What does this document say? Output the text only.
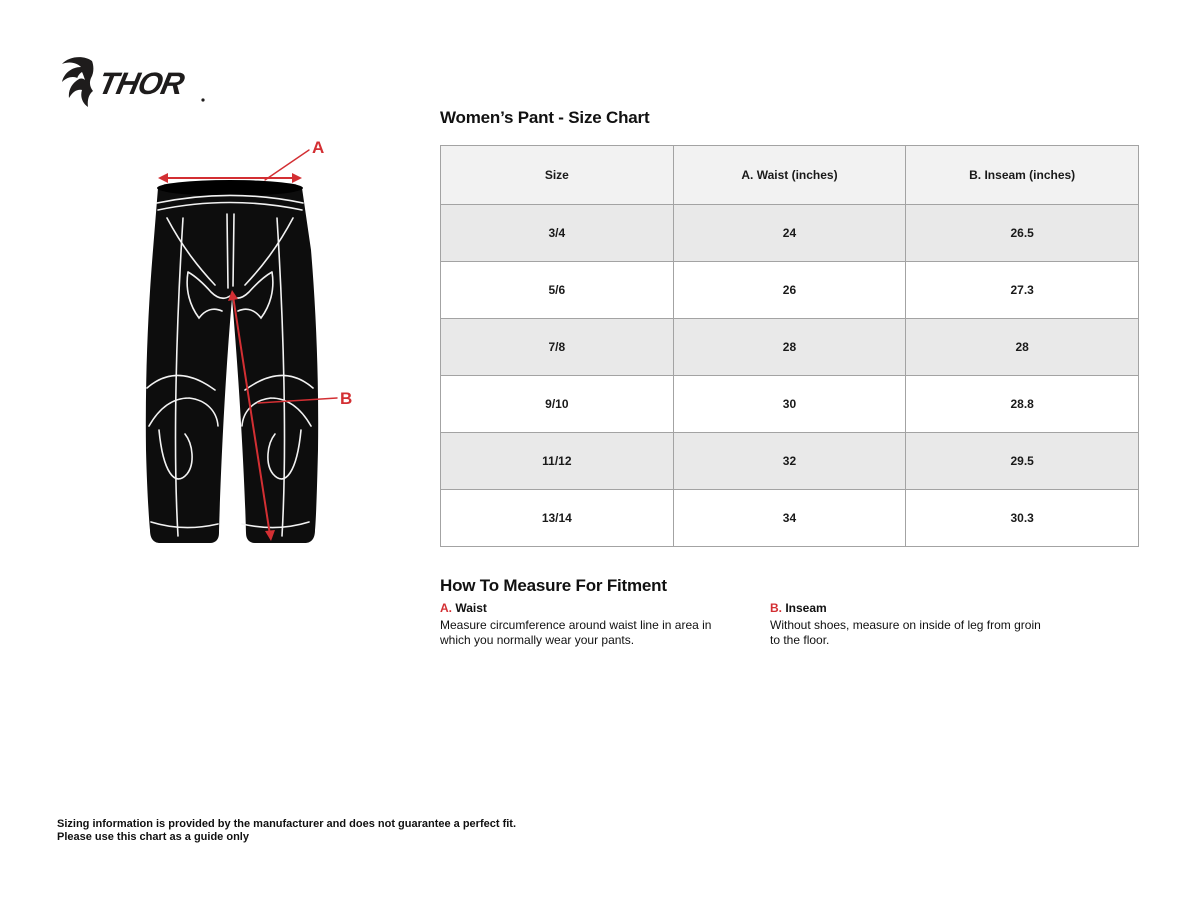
THOR
A
B
Women’s Pant - Size Chart
Size	A. Waist (inches)	B. Inseam (inches)
3/4	24	26.5
5/6	26	27.3
7/8	28	28
9/10	30	28.8
11/12	32	29.5
13/14	34	30.3
How To Measure For Fitment
A. Waist
Measure circumference around waist line in area in which you normally wear your pants.
B. Inseam
Without shoes, measure on inside of leg from groin to the floor.
Sizing information is provided by the manufacturer and does not guarantee a perfect fit.
Please use this chart as a guide only
